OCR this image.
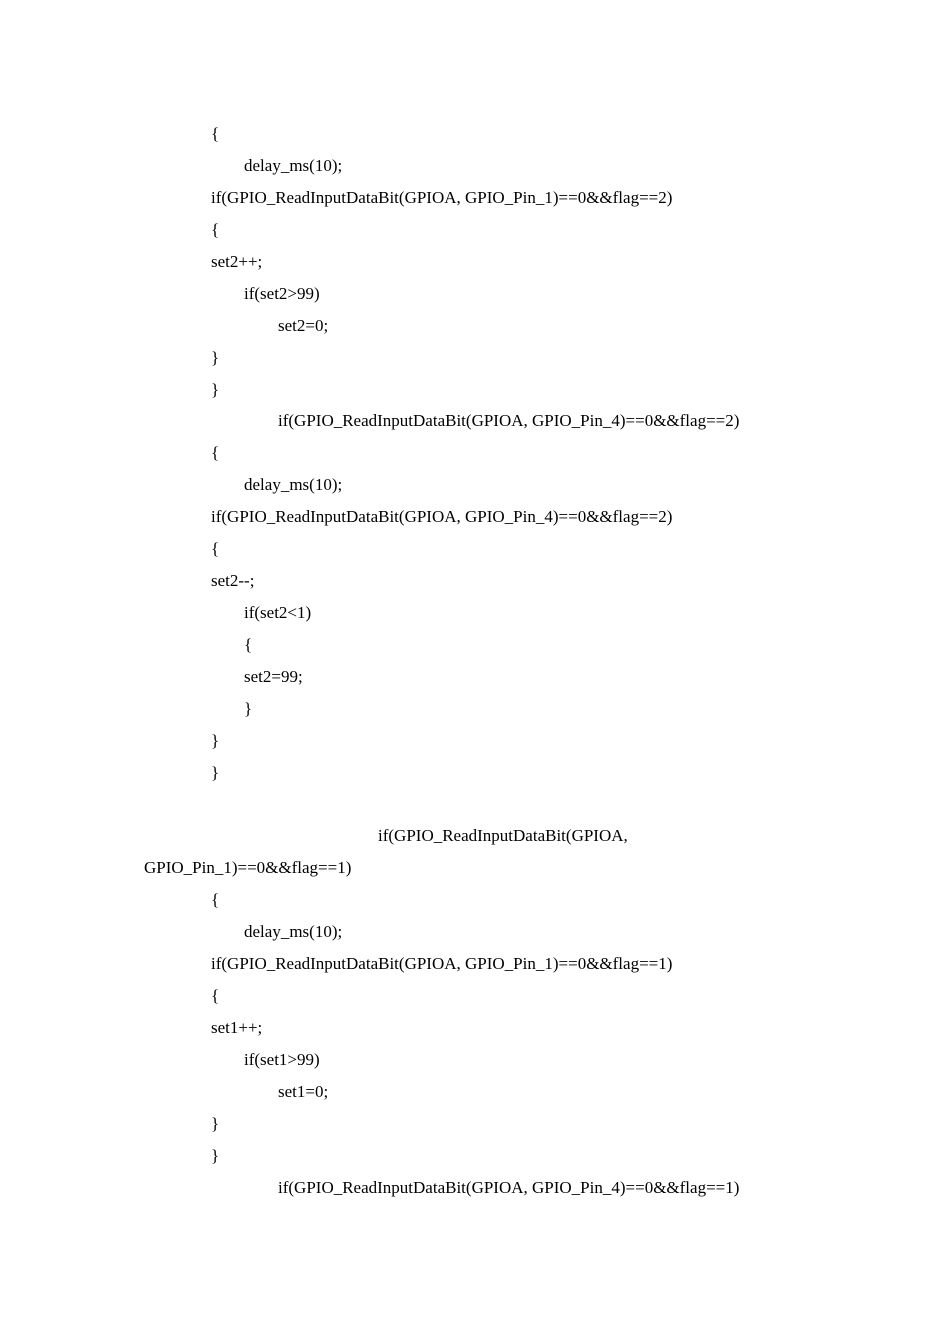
{
delay_ms(10);
if(GPIO_ReadInputDataBit(GPIOA, GPIO_Pin_1)==0&&flag==2)
{
set2++;
if(set2>99)
set2=0;
}
}
if(GPIO_ReadInputDataBit(GPIOA, GPIO_Pin_4)==0&&flag==2)
{
delay_ms(10);
if(GPIO_ReadInputDataBit(GPIOA, GPIO_Pin_4)==0&&flag==2)
{
set2--;
if(set2<1)
{
set2=99;
}
}
}
if(GPIO_ReadInputDataBit(GPIOA,
GPIO_Pin_1)==0&&flag==1)
{
delay_ms(10);
if(GPIO_ReadInputDataBit(GPIOA, GPIO_Pin_1)==0&&flag==1)
{
set1++;
if(set1>99)
set1=0;
}
}
if(GPIO_ReadInputDataBit(GPIOA, GPIO_Pin_4)==0&&flag==1)
